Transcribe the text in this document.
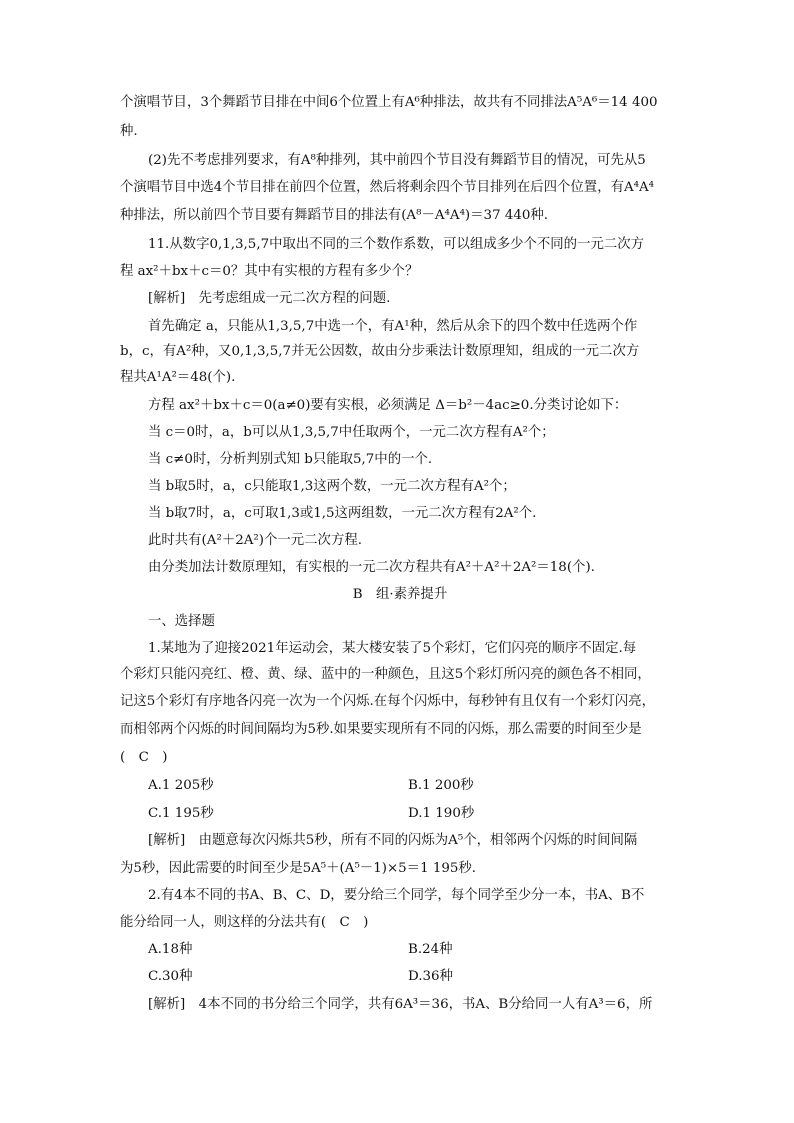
个演唱节目，3个舞蹈节目排在中间6个位置上有A⁶种排法，故共有不同排法A⁵A⁶＝14 400
种.
(2)先不考虑排列要求，有A⁸种排列，其中前四个节目没有舞蹈节目的情况，可先从5
个演唱节目中选4个节目排在前四个位置，然后将剩余四个节目排列在后四个位置，有A⁴A⁴
种排法，所以前四个节目要有舞蹈节目的排法有(A⁸－A⁴A⁴)＝37 440种.
11.从数字0,1,3,5,7中取出不同的三个数作系数，可以组成多少个不同的一元二次方
程 ax²＋bx＋c＝0？其中有实根的方程有多少个？
[解析]　先考虑组成一元二次方程的问题.
首先确定 a，只能从1,3,5,7中选一个，有A¹种，然后从余下的四个数中任选两个作
b，c，有A²种，又0,1,3,5,7并无公因数，故由分步乘法计数原理知，组成的一元二次方
程共A¹A²＝48(个).
方程 ax²＋bx＋c＝0(a≠0)要有实根，必须满足 Δ＝b²－4ac≥0.分类讨论如下：
当 c＝0时，a，b可以从1,3,5,7中任取两个，一元二次方程有A²个；
当 c≠0时，分析判别式知 b只能取5,7中的一个.
当 b取5时，a，c只能取1,3这两个数，一元二次方程有A²个；
当 b取7时，a，c可取1,3或1,5这两组数，一元二次方程有2A²个.
此时共有(A²＋2A²)个一元二次方程.
由分类加法计数原理知，有实根的一元二次方程共有A²＋A²＋2A²＝18(个).
B　组·素养提升
一、选择题
1.某地为了迎接2021年运动会，某大楼安装了5个彩灯，它们闪亮的顺序不固定.每
个彩灯只能闪亮红、橙、黄、绿、蓝中的一种颜色，且这5个彩灯所闪亮的颜色各不相同，
记这5个彩灯有序地各闪亮一次为一个闪烁.在每个闪烁中，每秒钟有且仅有一个彩灯闪亮，
而相邻两个闪烁的时间间隔均为5秒.如果要实现所有不同的闪烁，那么需要的时间至少是
(　C　)
A.1 205秒	B.1 200秒
C.1 195秒	D.1 190秒
[解析]　由题意每次闪烁共5秒，所有不同的闪烁为A⁵个，相邻两个闪烁的时间间隔
为5秒，因此需要的时间至少是5A⁵＋(A⁵－1)×5＝1 195秒.
2.有4本不同的书A、B、C、D，要分给三个同学，每个同学至少分一本，书A、B不
能分给同一人，则这样的分法共有(　C　)
A.18种	B.24种
C.30种	D.36种
[解析]　4本不同的书分给三个同学，共有6A³＝36，书A、B分给同一人有A³＝6，所
